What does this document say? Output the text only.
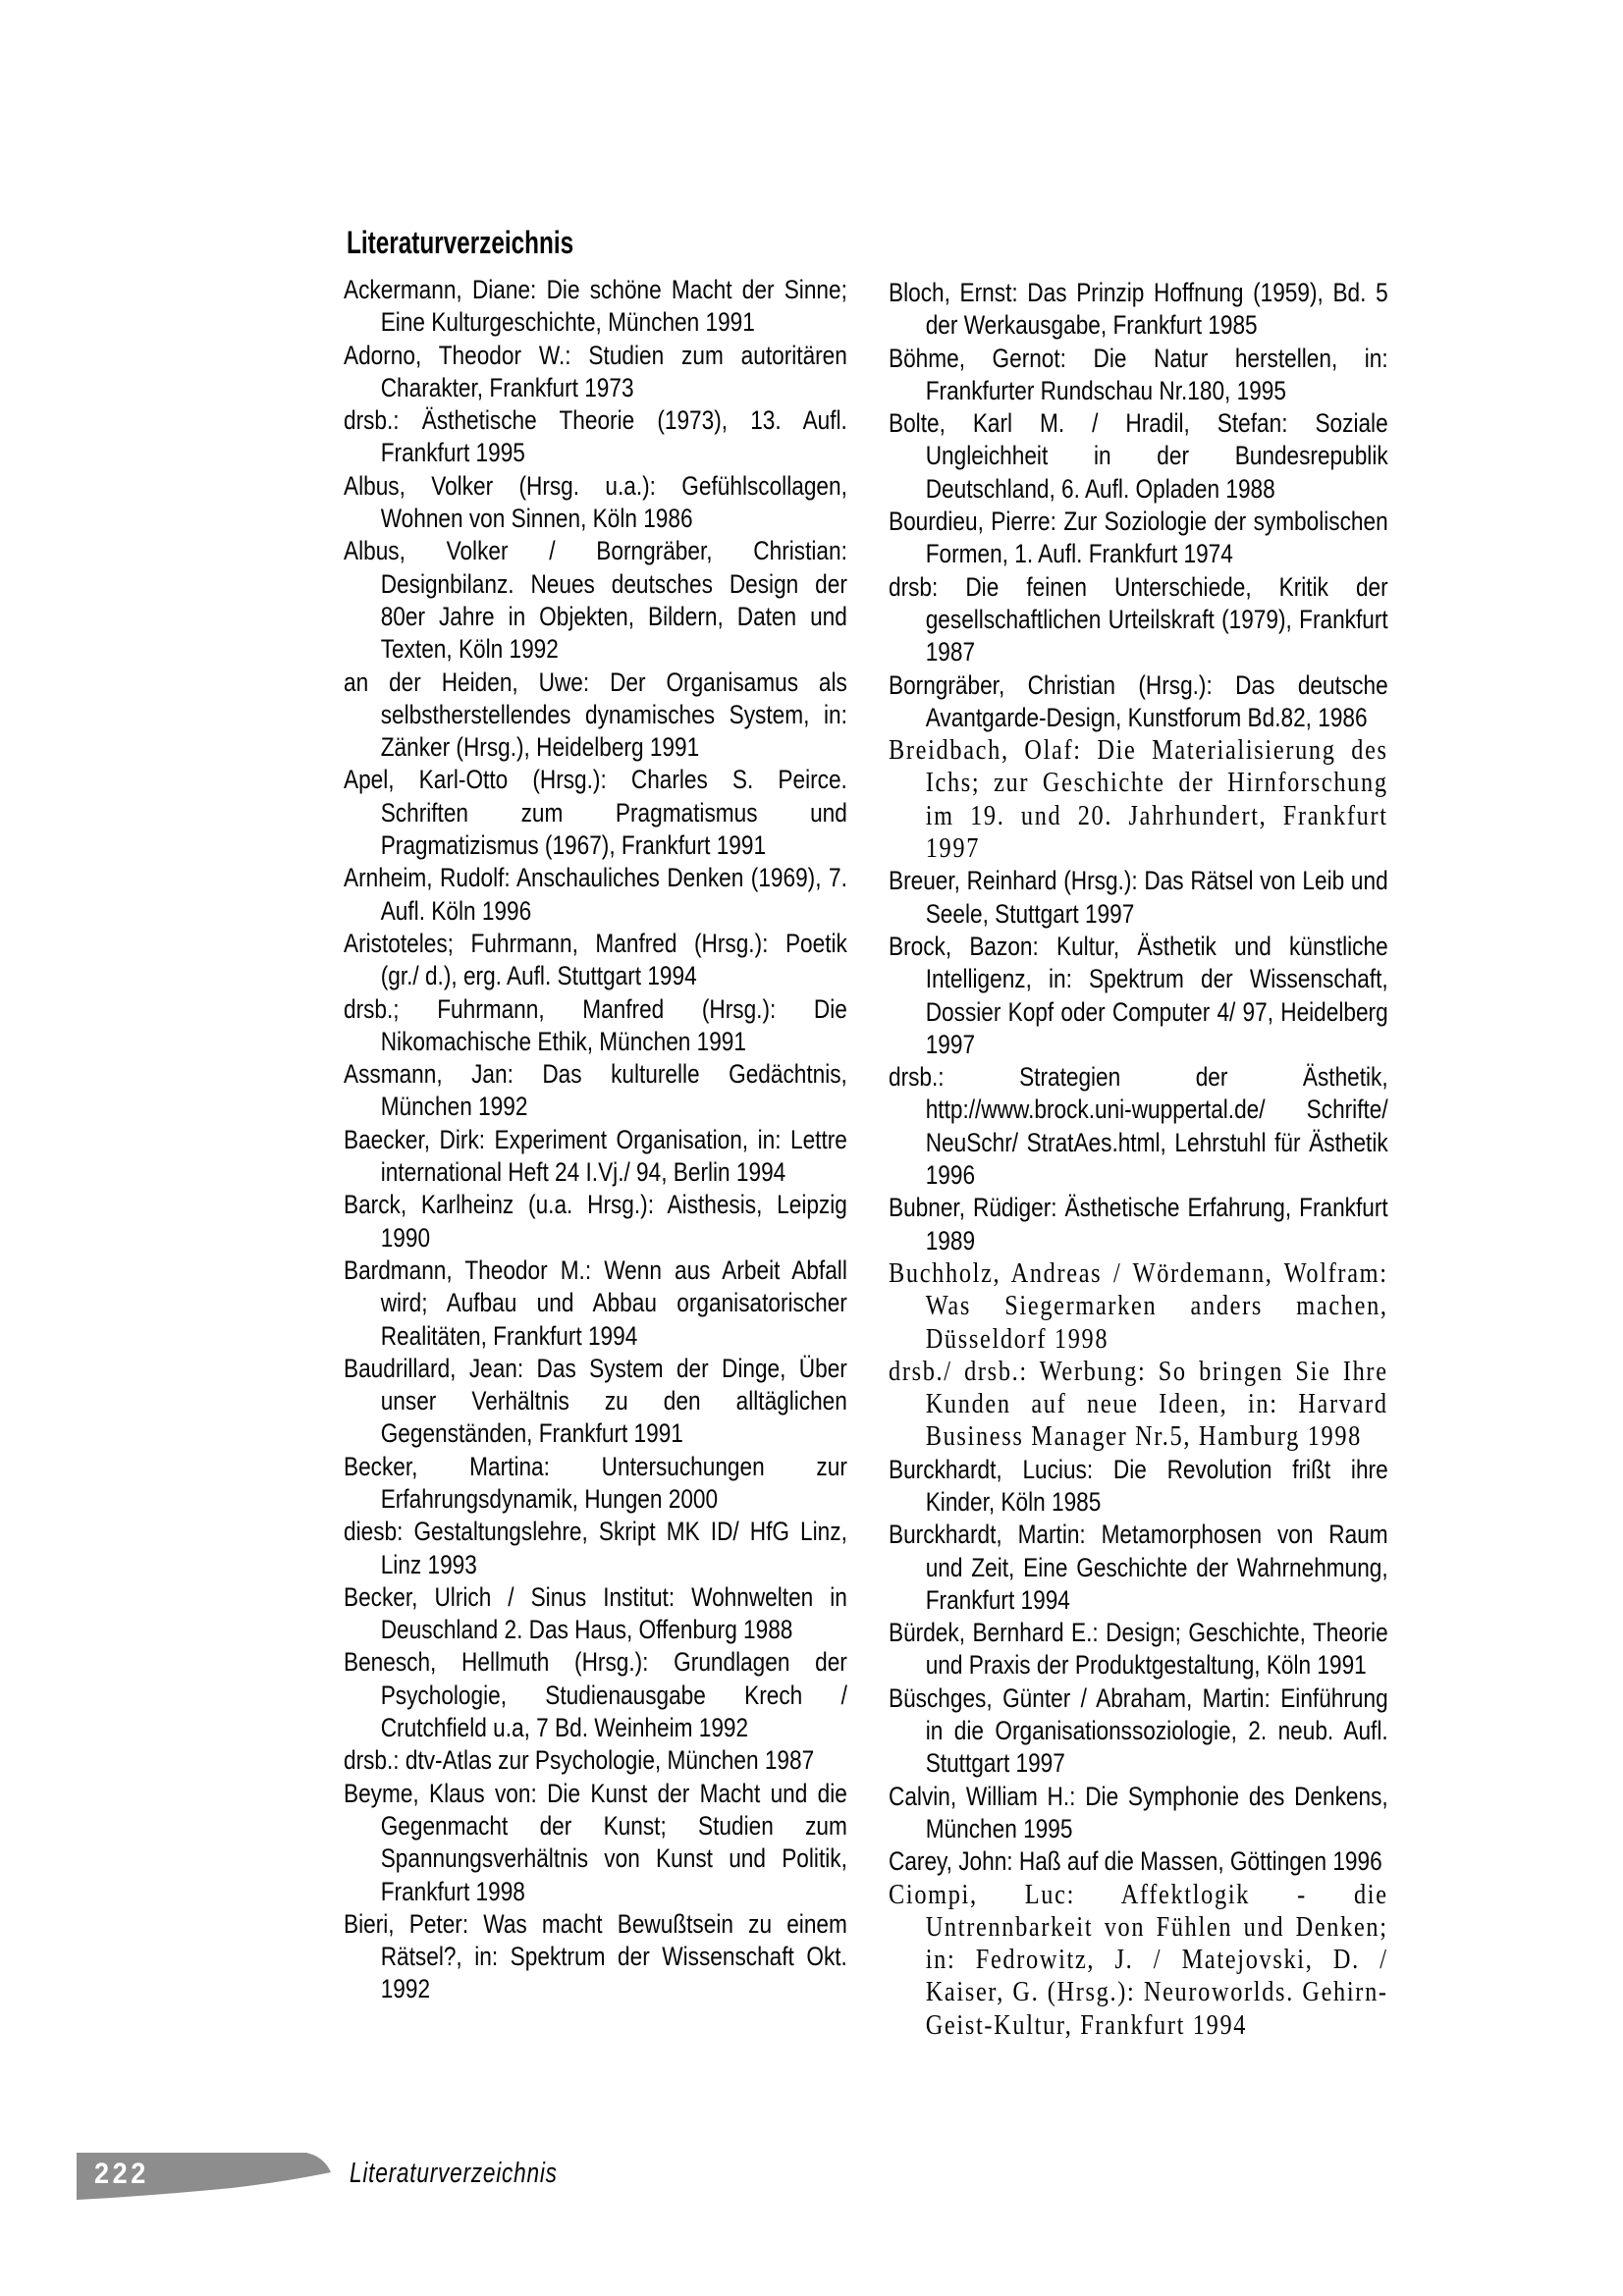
Literaturverzeichnis
Ackermann, Diane: Die schöne Macht der Sinne; Eine Kulturgeschichte, München 1991
Adorno, Theodor W.: Studien zum autoritären Charakter, Frankfurt 1973
drsb.: Ästhetische Theorie (1973), 13. Aufl. Frankfurt 1995
Albus, Volker (Hrsg. u.a.): Gefühlscollagen, Wohnen von Sinnen, Köln 1986
Albus, Volker / Borngräber, Christian: Designbilanz. Neues deutsches Design der 80er Jahre in Objekten, Bildern, Daten und Texten, Köln 1992
an der Heiden, Uwe: Der Organisamus als selbstherstellendes dynamisches System, in: Zänker (Hrsg.), Heidelberg 1991
Apel, Karl-Otto (Hrsg.): Charles S. Peirce. Schriften zum Pragmatismus und Pragmatizismus (1967), Frankfurt 1991
Arnheim, Rudolf: Anschauliches Denken (1969), 7. Aufl. Köln 1996
Aristoteles; Fuhrmann, Manfred (Hrsg.): Poetik (gr./ d.), erg. Aufl. Stuttgart 1994
drsb.; Fuhrmann, Manfred (Hrsg.): Die Nikomachische Ethik, München 1991
Assmann, Jan: Das kulturelle Gedächtnis, München 1992
Baecker, Dirk: Experiment Organisation, in: Lettre international Heft 24 I.Vj./ 94, Berlin 1994
Barck, Karlheinz (u.a. Hrsg.): Aisthesis, Leipzig 1990
Bardmann, Theodor M.: Wenn aus Arbeit Abfall wird; Aufbau und Abbau organisatorischer Realitäten, Frankfurt 1994
Baudrillard, Jean: Das System der Dinge, Über unser Verhältnis zu den alltäglichen Gegenständen, Frankfurt 1991
Becker, Martina: Untersuchungen zur Erfahrungsdynamik, Hungen 2000
diesb: Gestaltungslehre, Skript MK ID/ HfG Linz, Linz 1993
Becker, Ulrich / Sinus Institut: Wohnwelten in Deuschland 2. Das Haus, Offenburg 1988
Benesch, Hellmuth (Hrsg.): Grundlagen der Psychologie, Studienausgabe Krech / Crutchfield u.a, 7 Bd. Weinheim 1992
drsb.: dtv-Atlas zur Psychologie, München 1987
Beyme, Klaus von: Die Kunst der Macht und die Gegenmacht der Kunst; Studien zum Spannungsverhältnis von Kunst und Politik, Frankfurt 1998
Bieri, Peter: Was macht Bewußtsein zu einem Rätsel?, in: Spektrum der Wissenschaft Okt. 1992
Bloch, Ernst: Das Prinzip Hoffnung (1959), Bd. 5 der Werkausgabe, Frankfurt 1985
Böhme, Gernot: Die Natur herstellen, in: Frankfurter Rundschau Nr.180, 1995
Bolte, Karl M. / Hradil, Stefan: Soziale Ungleichheit in der Bundesrepublik Deutschland, 6. Aufl. Opladen 1988
Bourdieu, Pierre: Zur Soziologie der symbolischen Formen, 1. Aufl. Frankfurt 1974
drsb: Die feinen Unterschiede, Kritik der gesellschaftlichen Urteilskraft (1979), Frankfurt 1987
Borngräber, Christian (Hrsg.): Das deutsche Avantgarde-Design, Kunstforum Bd.82, 1986
Breidbach, Olaf: Die Materialisierung des Ichs; zur Geschichte der Hirnforschung im 19. und 20. Jahrhundert, Frankfurt 1997
Breuer, Reinhard (Hrsg.): Das Rätsel von Leib und Seele, Stuttgart 1997
Brock, Bazon: Kultur, Ästhetik und künstliche Intelligenz, in: Spektrum der Wissenschaft, Dossier Kopf oder Computer 4/ 97, Heidelberg 1997
drsb.: Strategien der Ästhetik, http://www.brock.uni-wuppertal.de/ Schrifte/ NeuSchr/ StratAes.html, Lehrstuhl für Ästhetik 1996
Bubner, Rüdiger: Ästhetische Erfahrung, Frankfurt 1989
Buchholz, Andreas / Wördemann, Wolfram: Was Siegermarken anders machen, Düsseldorf 1998
drsb./ drsb.: Werbung: So bringen Sie Ihre Kunden auf neue Ideen, in: Harvard Business Manager Nr.5, Hamburg 1998
Burckhardt, Lucius: Die Revolution frißt ihre Kinder, Köln 1985
Burckhardt, Martin: Metamorphosen von Raum und Zeit, Eine Geschichte der Wahrnehmung, Frankfurt 1994
Bürdek, Bernhard E.: Design; Geschichte, Theorie und Praxis der Produktgestaltung, Köln 1991
Büschges, Günter / Abraham, Martin: Einführung in die Organisationssoziologie, 2. neub. Aufl. Stuttgart 1997
Calvin, William H.: Die Symphonie des Denkens, München 1995
Carey, John: Haß auf die Massen, Göttingen 1996
Ciompi, Luc: Affektlogik - die Untrennbarkeit von Fühlen und Denken; in: Fedrowitz, J. / Matejovski, D. / Kaiser, G. (Hrsg.): Neuroworlds. Gehirn-Geist-Kultur, Frankfurt 1994
222	Literaturverzeichnis
